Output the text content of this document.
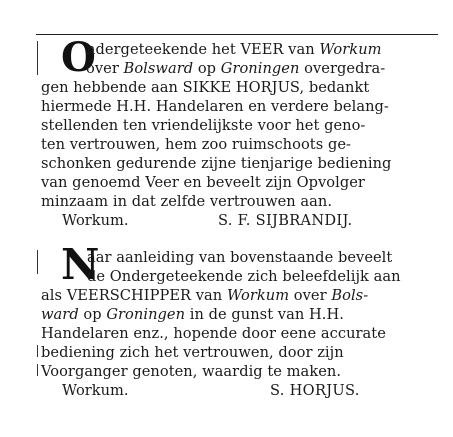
O
ndergeteekende het VEER van Workum
over Bolsward op Groningen overgedra-
gen hebbende aan SIKKE HORJUS, bedankt
hiermede H.H. Handelaren en verdere belang-
stellenden ten vriendelijkste voor het geno-
ten vertrouwen, hem zoo ruimschoots ge-
schonken gedurende zijne tienjarige bediening
van genoemd Veer en beveelt zijn Opvolger
minzaam in dat zelfde vertrouwen aan.
Workum.	S. F. SIJBRANDIJ.
N
aar aanleiding van bovenstaande beveelt
de Ondergeteekende zich beleefdelijk aan
als VEERSCHIPPER van Workum over Bols-
ward op Groningen in de gunst van H.H.
Handelaren enz., hopende door eene accurate
bediening zich het vertrouwen, door zijn
Voorganger genoten, waardig te maken.
Workum.	S. HORJUS.
